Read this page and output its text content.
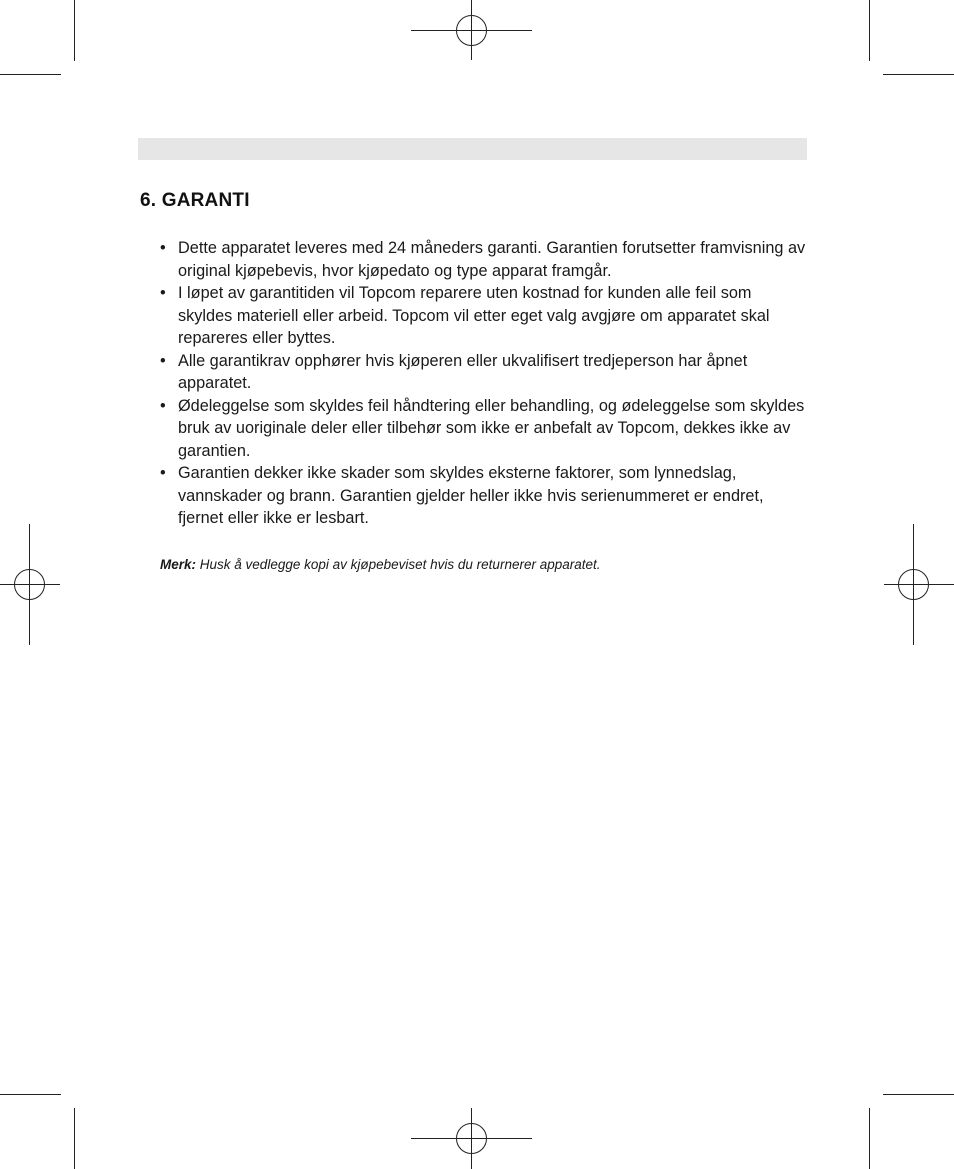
6. GARANTI
• Dette apparatet leveres med 24 måneders garanti. Garantien forutsetter framvisning av original kjøpebevis, hvor kjøpedato og type apparat framgår.
• I løpet av garantitiden vil Topcom reparere uten kostnad for kunden alle feil som skyldes materiell eller arbeid. Topcom vil etter eget valg avgjøre om apparatet skal repareres eller byttes.
• Alle garantikrav opphører hvis kjøperen eller ukvalifisert tredjeperson har åpnet apparatet.
• Ødeleggelse som skyldes feil håndtering eller behandling, og ødeleggelse som skyldes bruk av uoriginale deler eller tilbehør som ikke er anbefalt av Topcom, dekkes ikke av garantien.
• Garantien dekker ikke skader som skyldes eksterne faktorer, som lynnedslag, vannskader og brann. Garantien gjelder heller ikke hvis serienummeret er endret, fjernet eller ikke er lesbart.

Merk: Husk å vedlegge kopi av kjøpebeviset hvis du returnerer apparatet.
